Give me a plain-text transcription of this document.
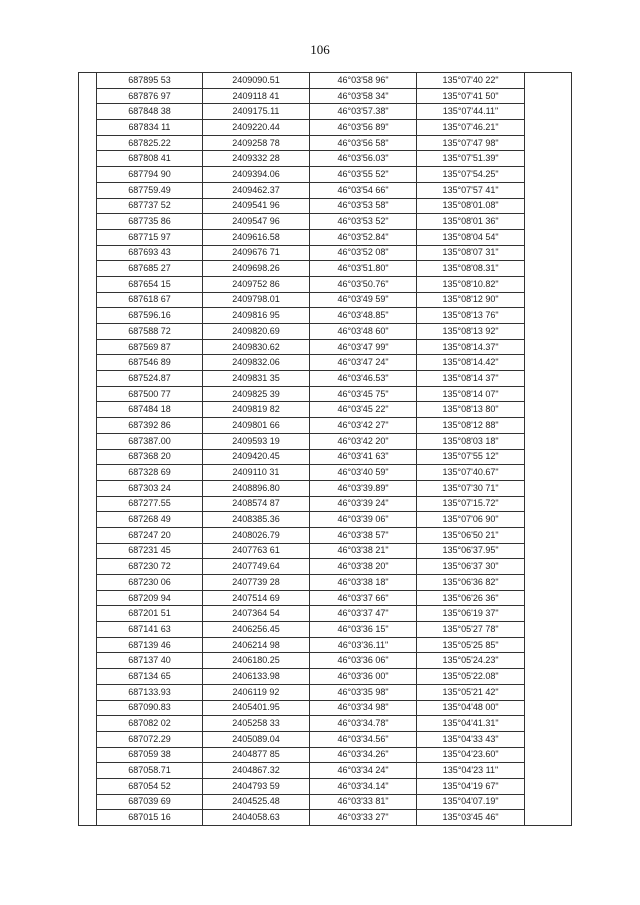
106
	687895 53	2409090.51	46°03'58 96"	135°07'40 22"	
	687876 97	2409118 41	46°03'58 34"	135°07'41 50"	
	687848 38	2409175.11	46°03'57.38"	135°07'44.11"	
	687834 11	2409220.44	46°03'56 89"	135°07'46.21"	
	687825.22	2409258 78	46°03'56 58"	135°07'47 98"	
	687808 41	2409332 28	46°03'56.03"	135°07'51.39"	
	687794 90	2409394.06	46°03'55 52"	135°07'54.25"	
	687759.49	2409462.37	46°03'54 66"	135°07'57 41"	
	687737 52	2409541 96	46°03'53 58"	135°08'01.08"	
	687735 86	2409547 96	46°03'53 52"	135°08'01 36"	
	687715 97	2409616.58	46°03'52.84"	135°08'04 54"	
	687693 43	2409676 71	46°03'52 08"	135°08'07 31"	
	687685 27	2409698.26	46°03'51.80"	135°08'08.31"	
	687654 15	2409752 86	46°03'50.76"	135°08'10.82"	
	687618 67	2409798.01	46°03'49 59"	135°08'12 90"	
	687596.16	2409816 95	46°03'48.85"	135°08'13 76"	
	687588 72	2409820.69	46°03'48 60"	135°08'13 92"	
	687569 87	2409830.62	46°03'47 99"	135°08'14.37"	
	687546 89	2409832.06	46°03'47 24"	135°08'14.42"	
	687524.87	2409831 35	46°03'46.53"	135°08'14 37"	
	687500 77	2409825 39	46°03'45 75"	135°08'14 07"	
	687484 18	2409819 82	46°03'45 22"	135°08'13 80"	
	687392 86	2409801 66	46°03'42 27"	135°08'12 88"	
	687387.00	2409593 19	46°03'42 20"	135°08'03 18"	
	687368 20	2409420.45	46°03'41 63"	135°07'55 12"	
	687328 69	2409110 31	46°03'40 59"	135°07'40.67"	
	687303 24	2408896.80	46°03'39.89"	135°07'30 71"	
	687277.55	2408574 87	46°03'39 24"	135°07'15.72"	
	687268 49	2408385.36	46°03'39 06"	135°07'06 90"	
	687247 20	2408026.79	46°03'38 57"	135°06'50 21"	
	687231 45	2407763 61	46°03'38 21"	135°06'37.95"	
	687230 72	2407749.64	46°03'38 20"	135°06'37 30"	
	687230 06	2407739 28	46°03'38 18"	135°06'36 82"	
	687209 94	2407514 69	46°03'37 66"	135°06'26 36"	
	687201 51	2407364 54	46°03'37 47"	135°06'19 37"	
	687141 63	2406256.45	46°03'36 15"	135°05'27 78"	
	687139 46	2406214 98	46°03'36.11"	135°05'25 85"	
	687137 40	2406180.25	46°03'36 06"	135°05'24.23"	
	687134 65	2406133.98	46°03'36 00"	135°05'22.08"	
	687133.93	2406119 92	46°03'35 98"	135°05'21 42"	
	687090.83	2405401.95	46°03'34 98"	135°04'48 00"	
	687082 02	2405258 33	46°03'34.78"	135°04'41.31"	
	687072.29	2405089.04	46°03'34.56"	135°04'33 43"	
	687059 38	2404877 85	46°03'34.26"	135°04'23.60"	
	687058.71	2404867.32	46°03'34 24"	135°04'23 11"	
	687054 52	2404793 59	46°03'34.14"	135°04'19 67"	
	687039 69	2404525.48	46°03'33 81"	135°04'07.19"	
	687015 16	2404058.63	46°03'33 27"	135°03'45 46"	
